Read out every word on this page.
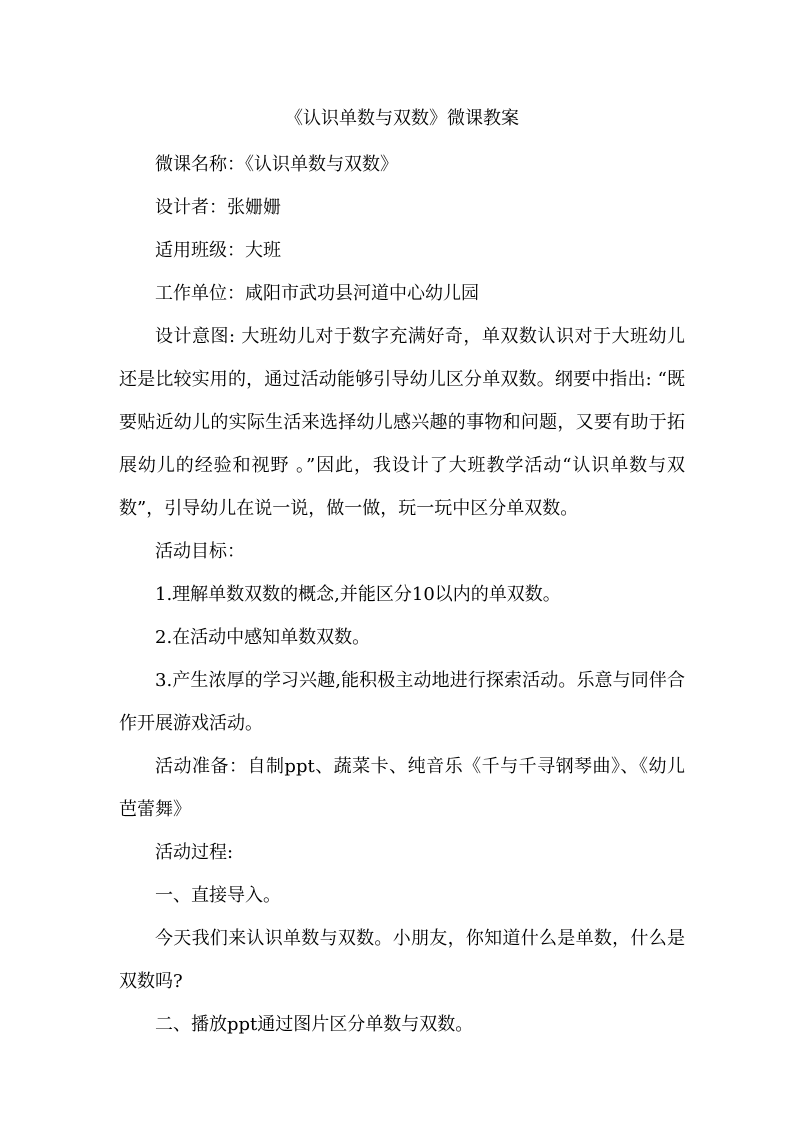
《认识单数与双数》微课教案

微课名称：《认识单数与双数》

设计者：张姗姗

适用班级：大班

工作单位：咸阳市武功县河道中心幼儿园

设计意图: 大班幼儿对于数字充满好奇，单双数认识对于大班幼儿还是比较实用的，通过活动能够引导幼儿区分单双数。纲要中指出: “既要贴近幼儿的实际生活来选择幼儿感兴趣的事物和问题，又要有助于拓展幼儿的经验和视野 。”因此，我设计了大班教学活动“认识单数与双数”，引导幼儿在说一说，做一做，玩一玩中区分单双数。

活动目标：

1.理解单数双数的概念,并能区分10以内的单双数。

2.在活动中感知单数双数。

3.产生浓厚的学习兴趣,能积极主动地进行探索活动。乐意与同伴合作开展游戏活动。

活动准备：自制ppt、蔬菜卡、纯音乐《千与千寻钢琴曲》、《幼儿芭蕾舞》

活动过程:

一、直接导入。

今天我们来认识单数与双数。小朋友，你知道什么是单数，什么是双数吗?

二、播放ppt通过图片区分单数与双数。
